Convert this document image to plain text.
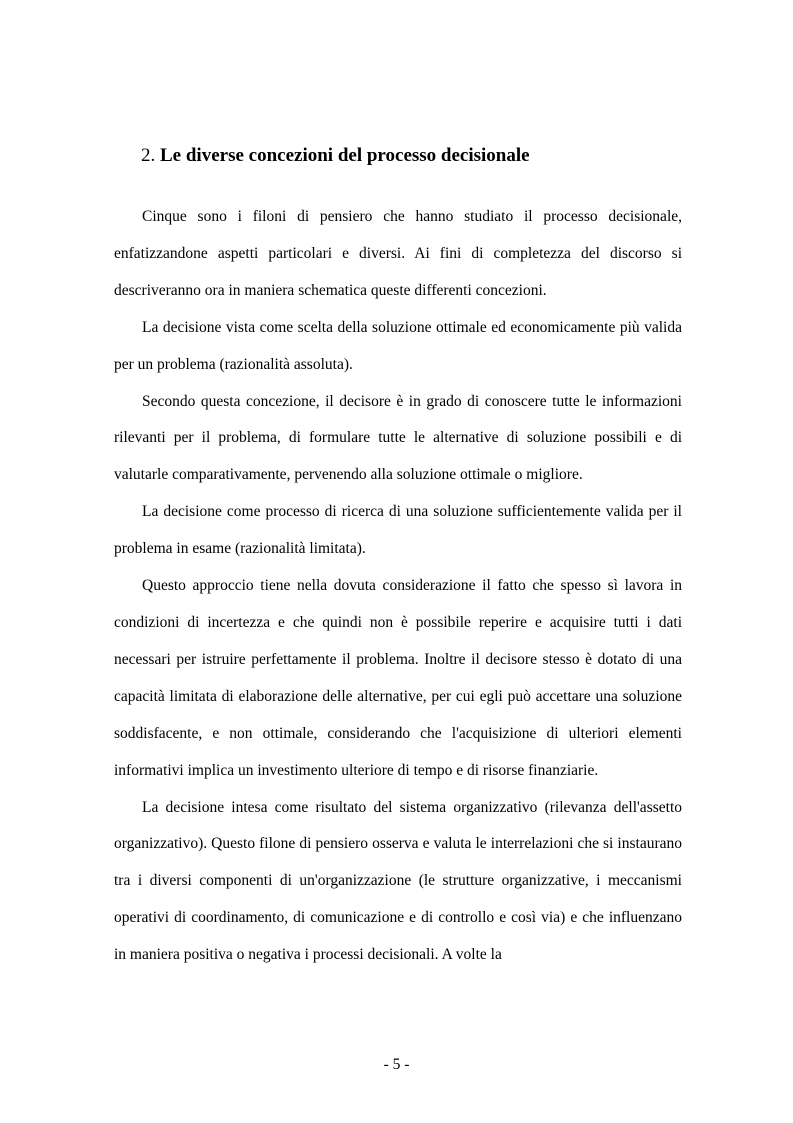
2. Le diverse concezioni del processo decisionale

Cinque sono i filoni di pensiero che hanno studiato il processo decisionale, enfatizzandone aspetti particolari e diversi. Ai fini di completezza del discorso si descriveranno ora in maniera schematica queste differenti concezioni.

La decisione vista come scelta della soluzione ottimale ed economicamente più valida per un problema (razionalità assoluta).

Secondo questa concezione, il decisore è in grado di conoscere tutte le informazioni rilevanti per il problema, di formulare tutte le alternative di soluzione possibili e di valutarle comparativamente, pervenendo alla soluzione ottimale o migliore.

La decisione come processo di ricerca di una soluzione sufficientemente valida per il problema in esame (razionalità limitata).

Questo approccio tiene nella dovuta considerazione il fatto che spesso sì lavora in condizioni di incertezza e che quindi non è possibile reperire e acquisire tutti i dati necessari per istruire perfettamente il problema. Inoltre il decisore stesso è dotato di una capacità limitata di elaborazione delle alternative, per cui egli può accettare una soluzione soddisfacente, e non ottimale, considerando che l'acquisizione di ulteriori elementi informativi implica un investimento ulteriore di tempo e di risorse finanziarie.

La decisione intesa come risultato del sistema organizzativo (rilevanza dell'assetto organizzativo). Questo filone di pensiero osserva e valuta le interrelazioni che si instaurano tra i diversi componenti di un'organizzazione (le strutture organizzative, i meccanismi operativi di coordinamento, di comunicazione e di controllo e così via) e che influenzano in maniera positiva o negativa i processi decisionali. A volte la

- 5 -
